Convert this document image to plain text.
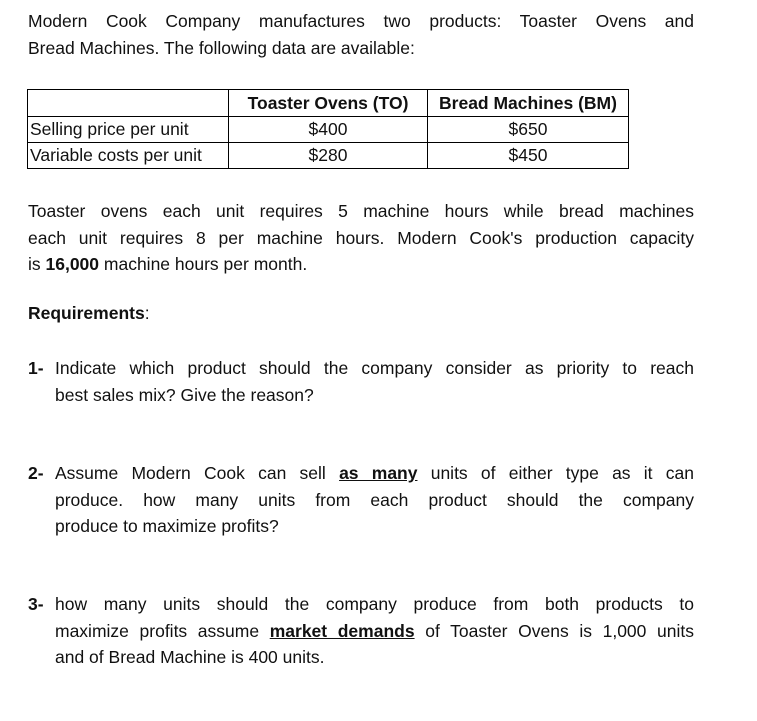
Modern Cook Company manufactures two products: Toaster Ovens and
Bread Machines. The following data are available:
	Toaster Ovens (TO)	Bread Machines (BM)
Selling price per unit	$400	$650
Variable costs per unit	$280	$450
Toaster ovens each unit requires 5 machine hours while bread machines
each unit requires 8 per machine hours. Modern Cook's production capacity
is 16,000 machine hours per month.
Requirements:
1- Indicate which product should the company consider as priority to reach
best sales mix? Give the reason?
2- Assume Modern Cook can sell as many units of either type as it can
produce. how many units from each product should the company
produce to maximize profits?
3- how many units should the company produce from both products to
maximize profits assume market demands of Toaster Ovens is 1,000 units
and of Bread Machine is 400 units.
